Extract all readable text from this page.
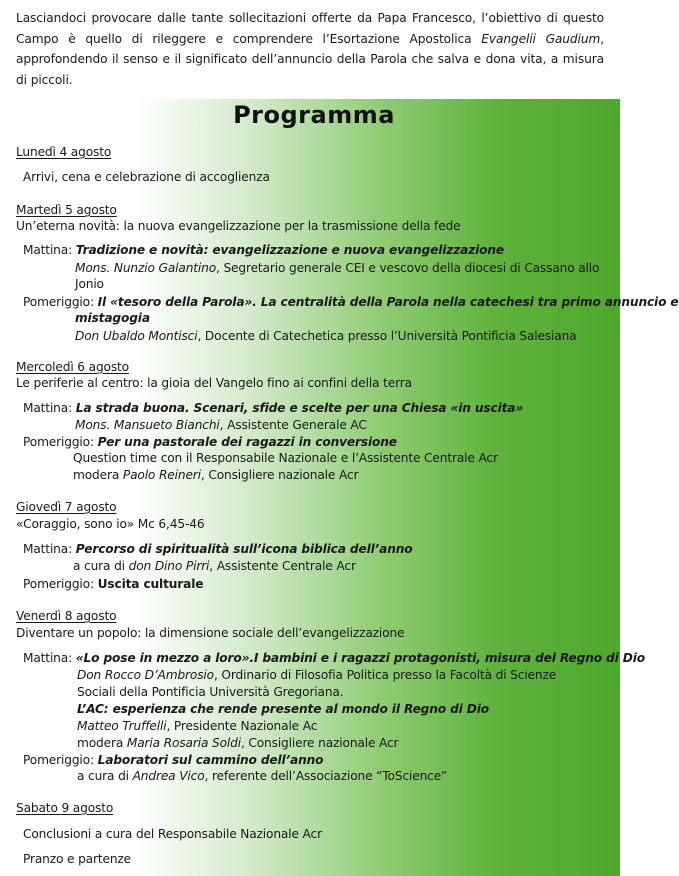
Lasciandoci provocare dalle tante sollecitazioni offerte da Papa Francesco, l’obiettivo di questo Campo è quello di rileggere e comprendere l’Esortazione Apostolica Evangelii Gaudium, approfondendo il senso e il significato dell’annuncio della Parola che salva e dona vita, a misura di piccoli.
Programma
Lunedì 4 agosto
Arrivi, cena e celebrazione di accoglienza
Martedì 5 agosto
Un’eterna novità: la nuova evangelizzazione per la trasmissione della fede
Mattina: Tradizione e novità: evangelizzazione e nuova evangelizzazione
Mons. Nunzio Galantino, Segretario generale CEI e vescovo della diocesi di Cassano allo
Jonio
Pomeriggio: Il «tesoro della Parola». La centralità della Parola nella catechesi tra primo annuncio e
mistagogia
Don Ubaldo Montisci, Docente di Catechetica presso l’Università Pontificia Salesiana
Mercoledì 6 agosto
Le periferie al centro: la gioia del Vangelo fino ai confini della terra
Mattina: La strada buona. Scenari, sfide e scelte per una Chiesa «in uscita»
Mons. Mansueto Bianchi, Assistente Generale AC
Pomeriggio: Per una pastorale dei ragazzi in conversione
Question time con il Responsabile Nazionale e l’Assistente Centrale Acr
modera Paolo Reineri, Consigliere nazionale Acr
Giovedì 7 agosto
«Coraggio, sono io» Mc 6,45-46
Mattina: Percorso di spiritualità sull’icona biblica dell’anno
a cura di don Dino Pirri, Assistente Centrale Acr
Pomeriggio: Uscita culturale
Venerdì 8 agosto
Diventare un popolo: la dimensione sociale dell’evangelizzazione
Mattina: «Lo pose in mezzo a loro».I bambini e i ragazzi protagonisti, misura del Regno di Dio
Don Rocco D’Ambrosio, Ordinario di Filosofia Politica presso la Facoltà di Scienze
Sociali della Pontificia Università Gregoriana.
L’AC: esperienza che rende presente al mondo il Regno di Dio
Matteo Truffelli, Presidente Nazionale Ac
modera Maria Rosaria Soldi, Consigliere nazionale Acr
Pomeriggio: Laboratori sul cammino dell’anno
a cura di Andrea Vico, referente dell’Associazione “ToScience”
Sabato 9 agosto
Conclusioni a cura del Responsabile Nazionale Acr
Pranzo e partenze
